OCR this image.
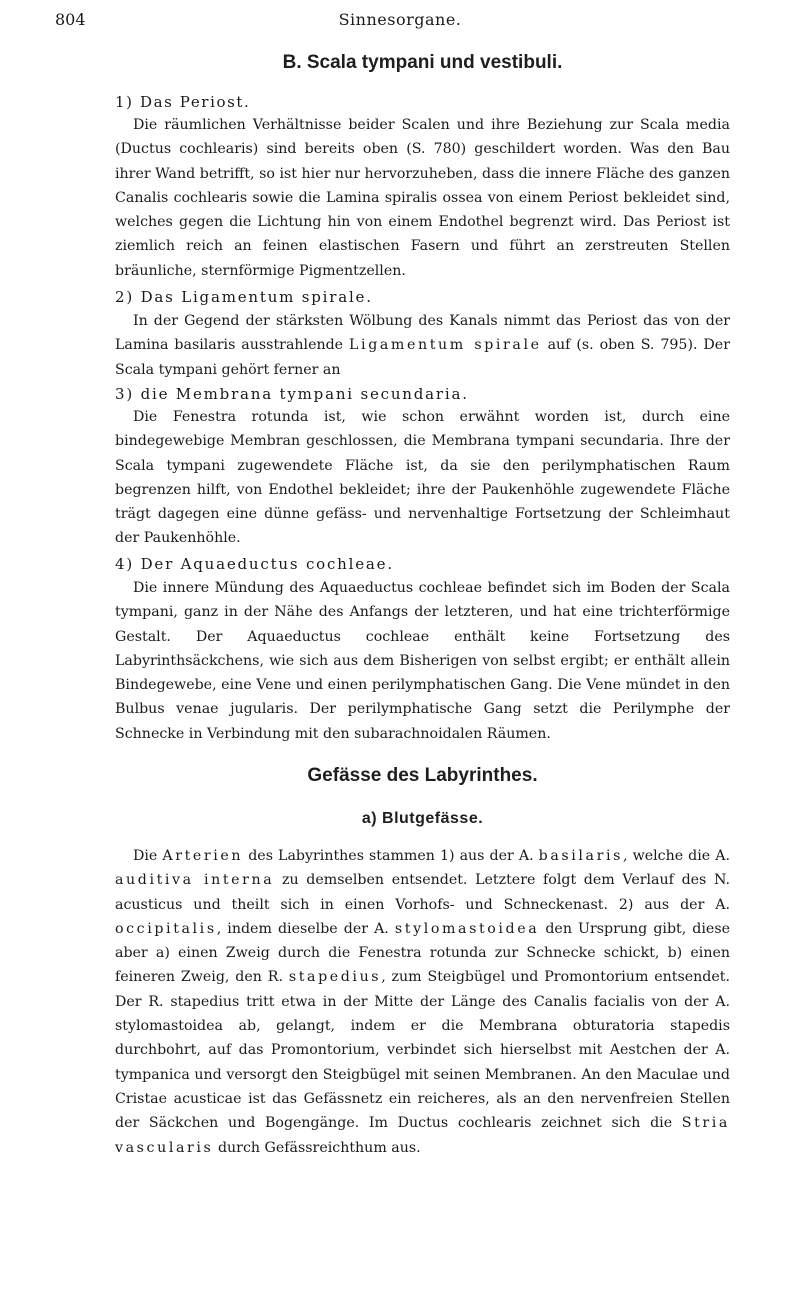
804	Sinnesorgane.
B. Scala tympani und vestibuli.
1) Das Periost.

Die räumlichen Verhältnisse beider Scalen und ihre Beziehung zur Scala media (Ductus cochlearis) sind bereits oben (S. 780) geschildert worden. Was den Bau ihrer Wand betrifft, so ist hier nur hervorzuheben, dass die innere Fläche des ganzen Canalis cochlearis sowie die Lamina spiralis ossea von einem Periost bekleidet sind, welches gegen die Lichtung hin von einem Endothel begrenzt wird. Das Periost ist ziemlich reich an feinen elastischen Fasern und führt an zerstreuten Stellen bräunliche, sternförmige Pigmentzellen.

2) Das Ligamentum spirale.

In der Gegend der stärksten Wölbung des Kanals nimmt das Periost das von der Lamina basilaris ausstrahlende Ligamentum spirale auf (s. oben S. 795). Der Scala tympani gehört ferner an

3) die Membrana tympani secundaria.

Die Fenestra rotunda ist, wie schon erwähnt worden ist, durch eine bindegewebige Membran geschlossen, die Membrana tympani secundaria. Ihre der Scala tympani zugewendete Fläche ist, da sie den perilymphatischen Raum begrenzen hilft, von Endothel bekleidet; ihre der Paukenhöhle zugewendete Fläche trägt dagegen eine dünne gefäss- und nervenhaltige Fortsetzung der Schleimhaut der Paukenhöhle.

4) Der Aquaeductus cochleae.

Die innere Mündung des Aquaeductus cochleae befindet sich im Boden der Scala tympani, ganz in der Nähe des Anfangs der letzteren, und hat eine trichterförmige Gestalt. Der Aquaeductus cochleae enthält keine Fortsetzung des Labyrinthsäckchens, wie sich aus dem Bisherigen von selbst ergibt; er enthält allein Bindegewebe, eine Vene und einen perilymphatischen Gang. Die Vene mündet in den Bulbus venae jugularis. Der perilymphatische Gang setzt die Perilymphe der Schnecke in Verbindung mit den subarachnoidalen Räumen.

Gefässe des Labyrinthes.
a) Blutgefässe.

Die Arterien des Labyrinthes stammen 1) aus der A. basilaris, welche die A. auditiva interna zu demselben entsendet. Letztere folgt dem Verlauf des N. acusticus und theilt sich in einen Vorhofs- und Schneckenast. 2) aus der A. occipitalis, indem dieselbe der A. stylomastoidea den Ursprung gibt, diese aber a) einen Zweig durch die Fenestra rotunda zur Schnecke schickt, b) einen feineren Zweig, den R. stapedius, zum Steigbügel und Promontorium entsendet. Der R. stapedius tritt etwa in der Mitte der Länge des Canalis facialis von der A. stylomastoidea ab, gelangt, indem er die Membrana obturatoria stapedis durchbohrt, auf das Promontorium, verbindet sich hierselbst mit Aestchen der A. tympanica und versorgt den Steigbügel mit seinen Membranen. An den Maculae und Cristae acusticae ist das Gefässnetz ein reicheres, als an den nervenfreien Stellen der Säckchen und Bogengänge. Im Ductus cochlearis zeichnet sich die Stria vascularis durch Gefässreichthum aus.
